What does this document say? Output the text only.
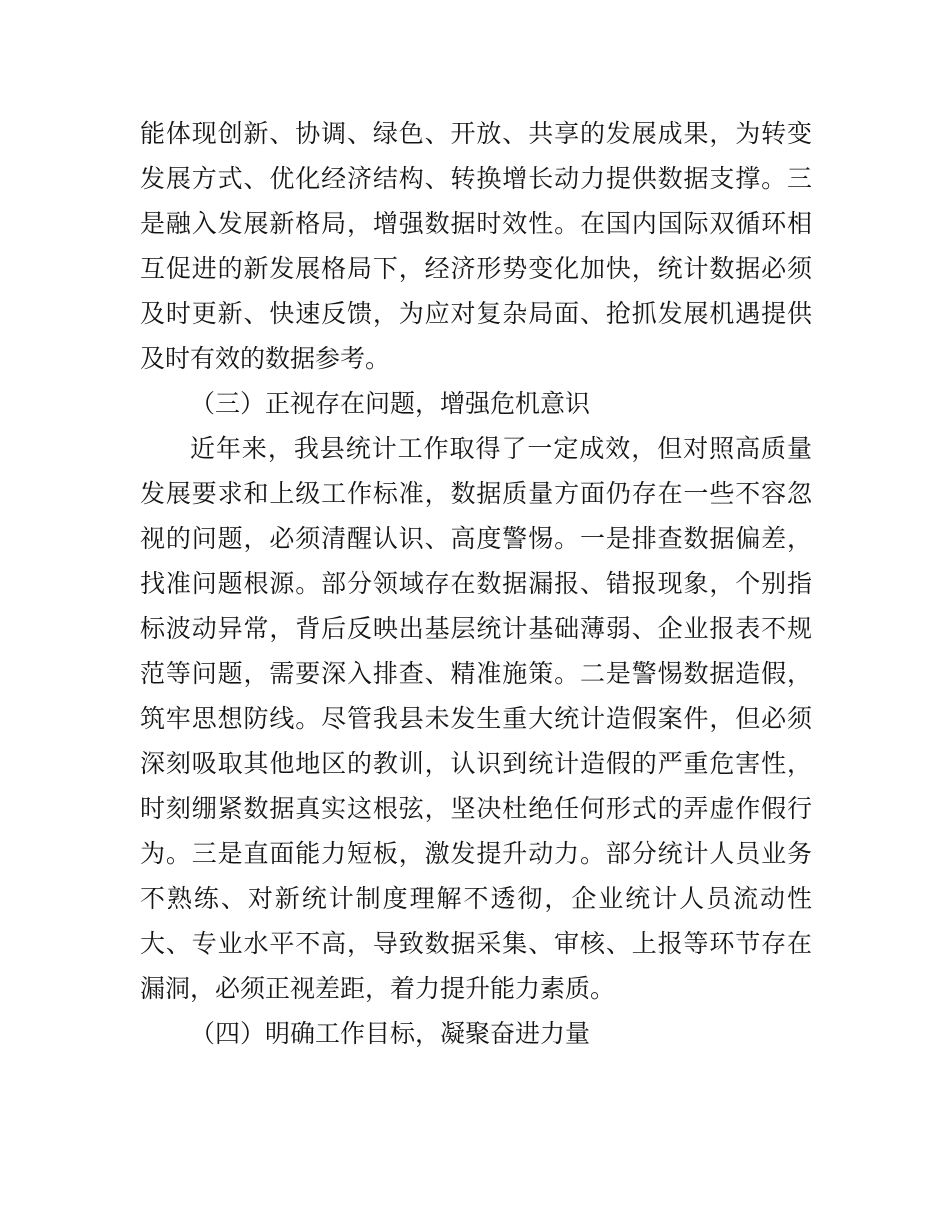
能体现创新、协调、绿色、开放、共享的发展成果，为转变发展方式、优化经济结构、转换增长动力提供数据支撑。三是融入发展新格局，增强数据时效性。在国内国际双循环相互促进的新发展格局下，经济形势变化加快，统计数据必须及时更新、快速反馈，为应对复杂局面、抢抓发展机遇提供及时有效的数据参考。

（三）正视存在问题，增强危机意识

近年来，我县统计工作取得了一定成效，但对照高质量发展要求和上级工作标准，数据质量方面仍存在一些不容忽视的问题，必须清醒认识、高度警惕。一是排查数据偏差，找准问题根源。部分领域存在数据漏报、错报现象，个别指标波动异常，背后反映出基层统计基础薄弱、企业报表不规范等问题，需要深入排查、精准施策。二是警惕数据造假，筑牢思想防线。尽管我县未发生重大统计造假案件，但必须深刻吸取其他地区的教训，认识到统计造假的严重危害性，时刻绷紧数据真实这根弦，坚决杜绝任何形式的弄虚作假行为。三是直面能力短板，激发提升动力。部分统计人员业务不熟练、对新统计制度理解不透彻，企业统计人员流动性大、专业水平不高，导致数据采集、审核、上报等环节存在漏洞，必须正视差距，着力提升能力素质。

（四）明确工作目标，凝聚奋进力量
